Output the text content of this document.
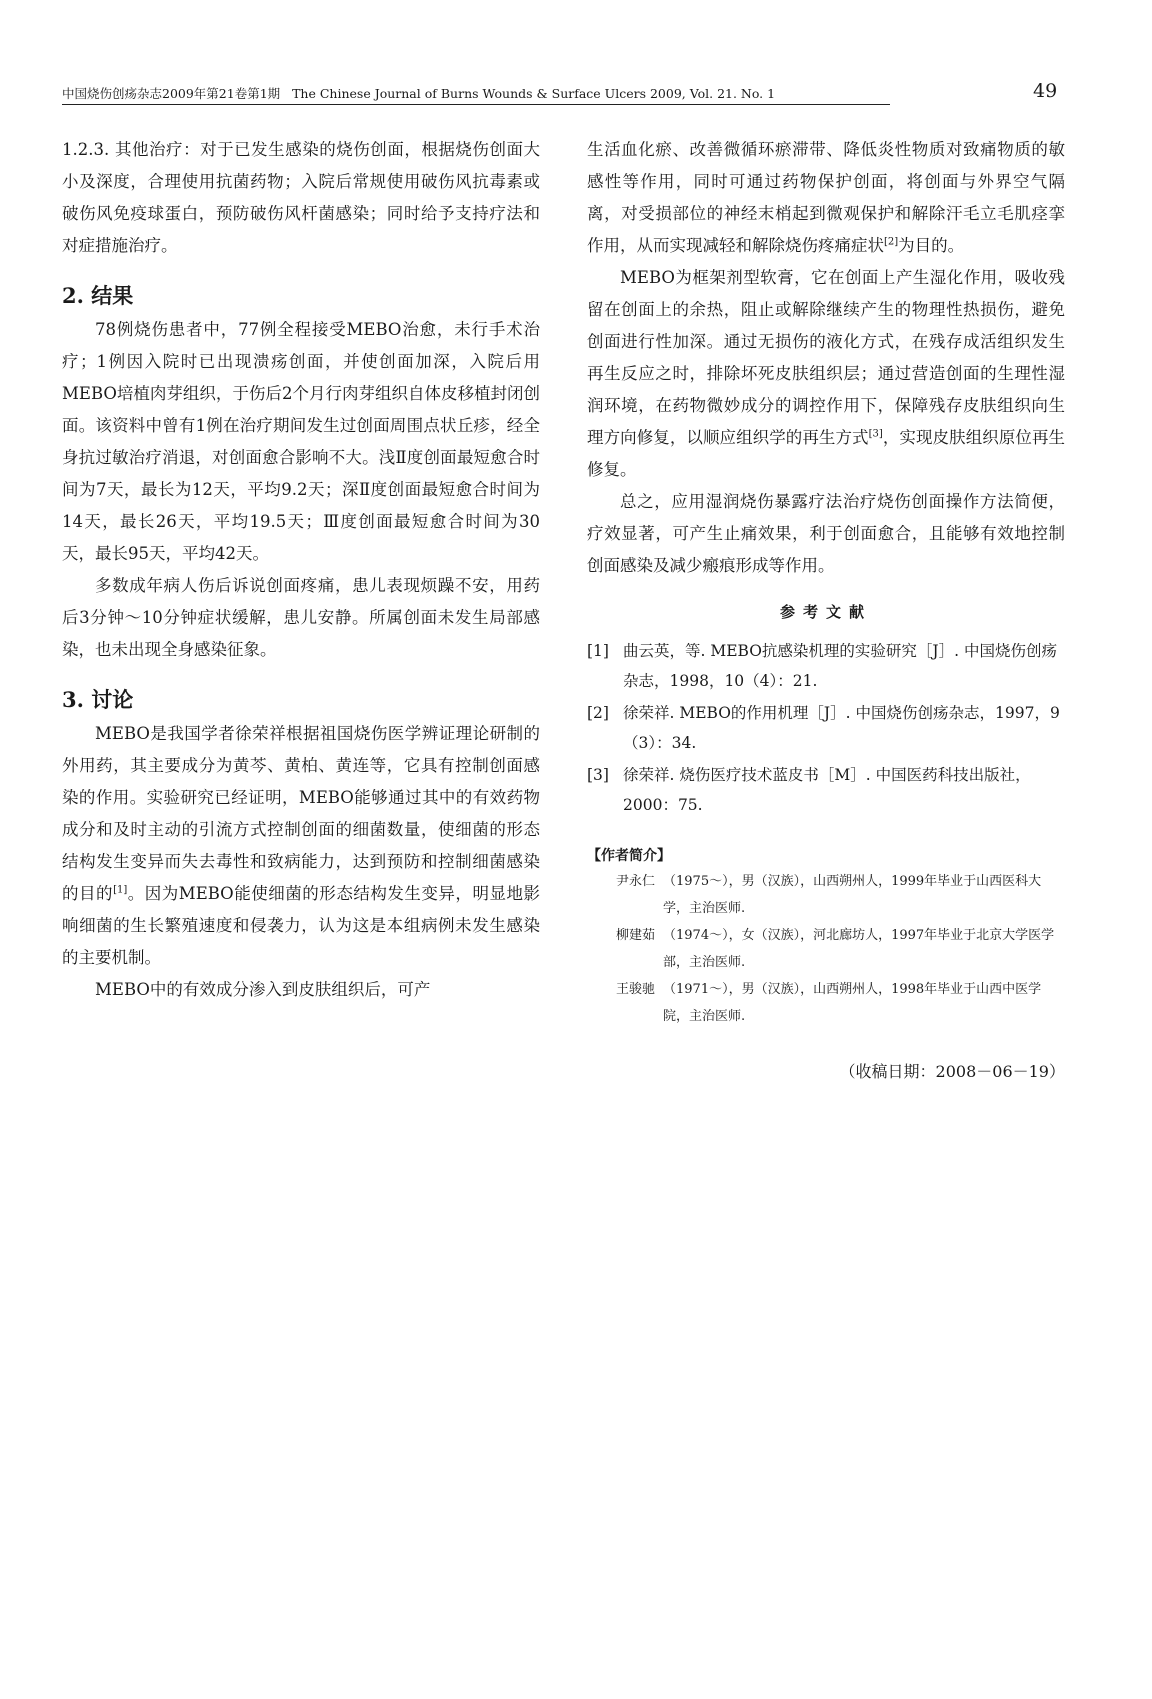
中国烧伤创疡杂志2009年第21卷第1期 The Chinese Journal of Burns Wounds & Surface Ulcers 2009, Vol. 21. No. 1	49

1.2.3. 其他治疗：对于已发生感染的烧伤创面，根据烧伤创面大小及深度，合理使用抗菌药物；入院后常规使用破伤风抗毒素或破伤风免疫球蛋白，预防破伤风杆菌感染；同时给予支持疗法和对症措施治疗。

2. 结果

78例烧伤患者中，77例全程接受MEBO治愈，未行手术治疗；1例因入院时已出现溃疡创面，并使创面加深，入院后用MEBO培植肉芽组织，于伤后2个月行肉芽组织自体皮移植封闭创面。该资料中曾有1例在治疗期间发生过创面周围点状丘疹，经全身抗过敏治疗消退，对创面愈合影响不大。浅Ⅱ度创面最短愈合时间为7天，最长为12天，平均9.2天；深Ⅱ度创面最短愈合时间为14天，最长26天，平均19.5天；Ⅲ度创面最短愈合时间为30天，最长95天，平均42天。

多数成年病人伤后诉说创面疼痛，患儿表现烦躁不安，用药后3分钟～10分钟症状缓解，患儿安静。所属创面未发生局部感染，也未出现全身感染征象。

3. 讨论

MEBO是我国学者徐荣祥根据祖国烧伤医学辨证理论研制的外用药，其主要成分为黄芩、黄柏、黄连等，它具有控制创面感染的作用。实验研究已经证明，MEBO能够通过其中的有效药物成分和及时主动的引流方式控制创面的细菌数量，使细菌的形态结构发生变异而失去毒性和致病能力，达到预防和控制细菌感染的目的[1]。因为MEBO能使细菌的形态结构发生变异，明显地影响细菌的生长繁殖速度和侵袭力，认为这是本组病例未发生感染的主要机制。

MEBO中的有效成分渗入到皮肤组织后，可产

生活血化瘀、改善微循环瘀滞带、降低炎性物质对致痛物质的敏感性等作用，同时可通过药物保护创面，将创面与外界空气隔离，对受损部位的神经末梢起到微观保护和解除汗毛立毛肌痉挛作用，从而实现减轻和解除烧伤疼痛症状[2]为目的。

MEBO为框架剂型软膏，它在创面上产生湿化作用，吸收残留在创面上的余热，阻止或解除继续产生的物理性热损伤，避免创面进行性加深。通过无损伤的液化方式，在残存成活组织发生再生反应之时，排除坏死皮肤组织层；通过营造创面的生理性湿润环境，在药物微妙成分的调控作用下，保障残存皮肤组织向生理方向修复，以顺应组织学的再生方式[3]，实现皮肤组织原位再生修复。

总之，应用湿润烧伤暴露疗法治疗烧伤创面操作方法简便，疗效显著，可产生止痛效果，利于创面愈合，且能够有效地控制创面感染及减少瘢痕形成等作用。

参考文献
[1] 曲云英，等. MEBO抗感染机理的实验研究［J］. 中国烧伤创疡杂志，1998，10（4）：21.
[2] 徐荣祥. MEBO的作用机理［J］. 中国烧伤创疡杂志，1997，9（3）：34.
[3] 徐荣祥. 烧伤医疗技术蓝皮书［M］. 中国医药科技出版社，2000：75.
【作者简介】
尹永仁 （1975～），男（汉族），山西朔州人，1999年毕业于山西医科大学，主治医师.
柳建茹 （1974～），女（汉族），河北廊坊人，1997年毕业于北京大学医学部，主治医师.
王骏驰 （1971～），男（汉族），山西朔州人，1998年毕业于山西中医学院，主治医师.
（收稿日期：2008－06－19）
